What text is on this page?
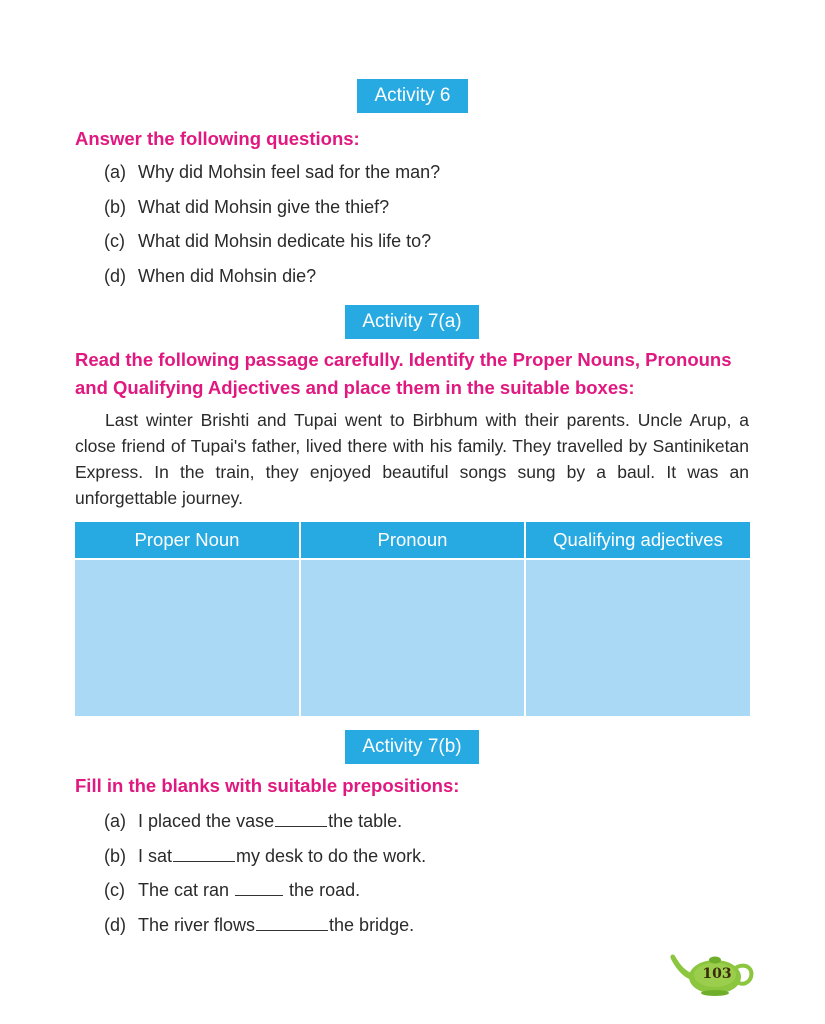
Activity 6

Answer the following questions:

(a) Why did Mohsin feel sad for the man?
(b) What did Mohsin give the thief?
(c) What did Mohsin dedicate his life to?
(d) When did Mohsin die?
Activity 7(a)

Read the following passage carefully. Identify the Proper Nouns, Pronouns
and Qualifying Adjectives and place them in the suitable boxes:

Last winter Brishti and Tupai went to Birbhum with their parents. Uncle Arup, a close friend of Tupai's father, lived there with his family. They travelled by Santiniketan Express. In the train, they enjoyed beautiful songs sung by a baul. It was an unforgettable journey.

Proper Noun	Pronoun	Qualifying adjectives

Activity 7(b)

Fill in the blanks with suitable prepositions:

(a) I placed the vase	the table.
(b) I sat	my desk to do the work.
(c) The cat ran	the road.
(d) The river flows	the bridge.
103
